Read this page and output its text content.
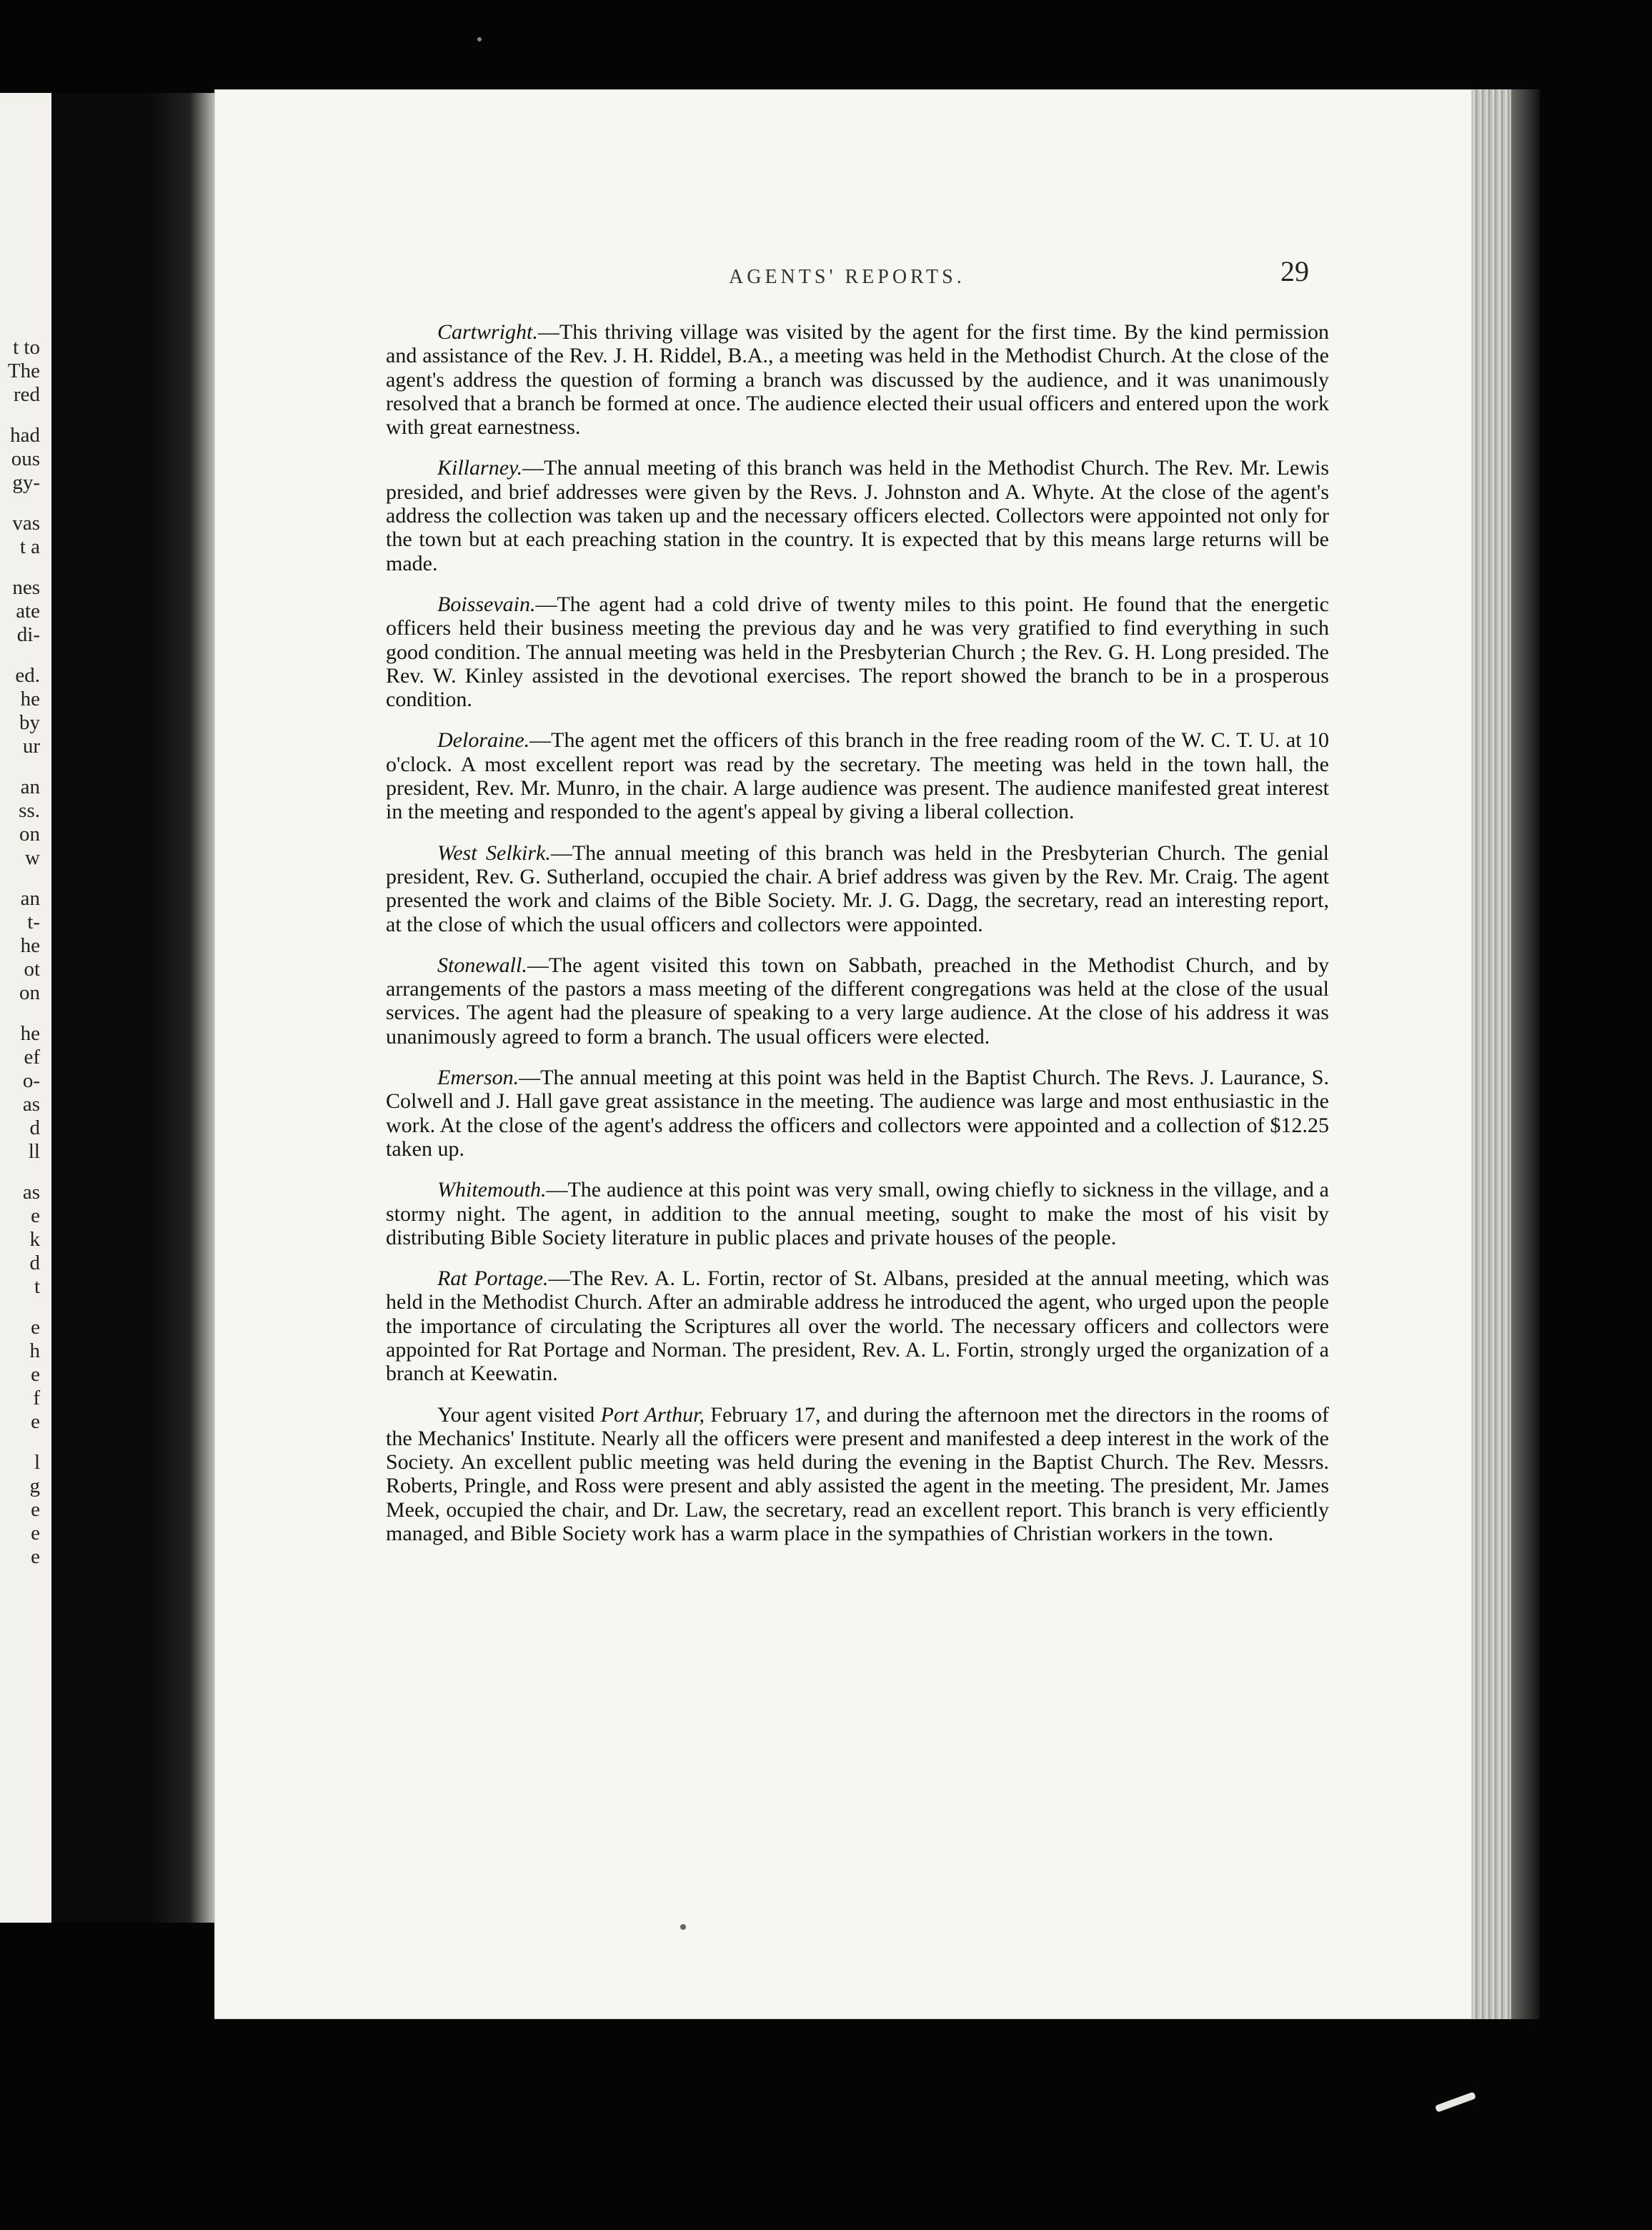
t to
The
red
had
ous
gy-
vas
t a
nes
ate
di-
ed.
he
by
ur
an
ss.
on
w
an
t-
he
ot
on
he
ef
o-
as
d
ll
as
e
k
d
t
e
h
e
f
e
l
g
e
e
e
AGENTS' REPORTS.	29

Cartwright.—This thriving village was visited by the agent for the first time. By the kind permission and assistance of the Rev. J. H. Riddel, B.A., a meeting was held in the Methodist Church. At the close of the agent's address the question of forming a branch was discussed by the audience, and it was unanimously resolved that a branch be formed at once. The audience elected their usual officers and entered upon the work with great earnestness.

Killarney.—The annual meeting of this branch was held in the Methodist Church. The Rev. Mr. Lewis presided, and brief addresses were given by the Revs. J. Johnston and A. Whyte. At the close of the agent's address the collection was taken up and the necessary officers elected. Collectors were appointed not only for the town but at each preaching station in the country. It is expected that by this means large returns will be made.

Boissevain.—The agent had a cold drive of twenty miles to this point. He found that the energetic officers held their business meeting the previous day and he was very gratified to find everything in such good condition. The annual meeting was held in the Presbyterian Church ; the Rev. G. H. Long presided. The Rev. W. Kinley assisted in the devotional exercises. The report showed the branch to be in a prosperous condition.

Deloraine.—The agent met the officers of this branch in the free reading room of the W. C. T. U. at 10 o'clock. A most excellent report was read by the secretary. The meeting was held in the town hall, the president, Rev. Mr. Munro, in the chair. A large audience was present. The audience manifested great interest in the meeting and responded to the agent's appeal by giving a liberal collection.

West Selkirk.—The annual meeting of this branch was held in the Presbyterian Church. The genial president, Rev. G. Sutherland, occupied the chair. A brief address was given by the Rev. Mr. Craig. The agent presented the work and claims of the Bible Society. Mr. J. G. Dagg, the secretary, read an interesting report, at the close of which the usual officers and collectors were appointed.

Stonewall.—The agent visited this town on Sabbath, preached in the Methodist Church, and by arrangements of the pastors a mass meeting of the different congregations was held at the close of the usual services. The agent had the pleasure of speaking to a very large audience. At the close of his address it was unanimously agreed to form a branch. The usual officers were elected.

Emerson.—The annual meeting at this point was held in the Baptist Church. The Revs. J. Laurance, S. Colwell and J. Hall gave great assistance in the meeting. The audience was large and most enthusiastic in the work. At the close of the agent's address the officers and collectors were appointed and a collection of $12.25 taken up.

Whitemouth.—The audience at this point was very small, owing chiefly to sickness in the village, and a stormy night. The agent, in addition to the annual meeting, sought to make the most of his visit by distributing Bible Society literature in public places and private houses of the people.

Rat Portage.—The Rev. A. L. Fortin, rector of St. Albans, presided at the annual meeting, which was held in the Methodist Church. After an admirable address he introduced the agent, who urged upon the people the importance of circulating the Scriptures all over the world. The necessary officers and collectors were appointed for Rat Portage and Norman. The president, Rev. A. L. Fortin, strongly urged the organization of a branch at Keewatin.

Your agent visited Port Arthur, February 17, and during the afternoon met the directors in the rooms of the Mechanics' Institute. Nearly all the officers were present and manifested a deep interest in the work of the Society. An excellent public meeting was held during the evening in the Baptist Church. The Rev. Messrs. Roberts, Pringle, and Ross were present and ably assisted the agent in the meeting. The president, Mr. James Meek, occupied the chair, and Dr. Law, the secretary, read an excellent report. This branch is very efficiently managed, and Bible Society work has a warm place in the sympathies of Christian workers in the town.
